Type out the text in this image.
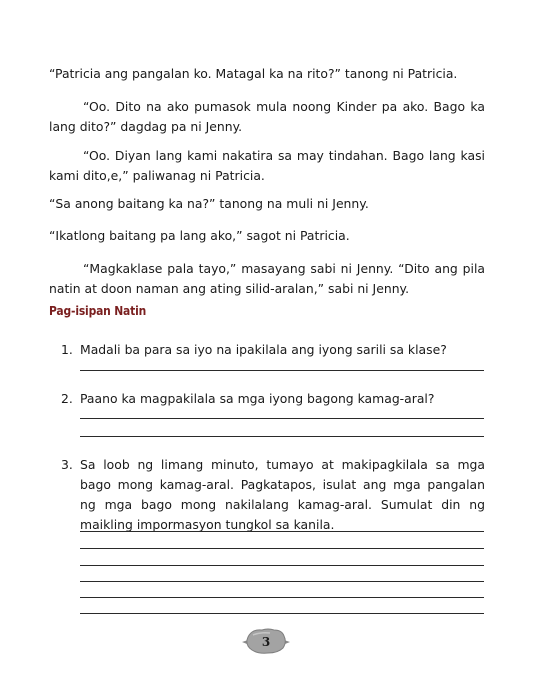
“Patricia ang pangalan ko. Matagal ka na rito?” tanong ni Patricia.

“Oo. Dito na ako pumasok mula noong Kinder pa ako. Bago ka lang dito?” dagdag pa ni Jenny.

“Oo. Diyan lang kami nakatira sa may tindahan. Bago lang kasi kami dito,e,” paliwanag ni Patricia.

“Sa anong baitang ka na?” tanong na muli ni Jenny.

“Ikatlong baitang pa lang ako,” sagot ni Patricia.

“Magkaklase pala tayo,” masayang sabi ni Jenny. “Dito ang pila natin at doon naman ang ating silid-aralan,” sabi ni Jenny.

Pag-isipan Natin
1. Madali ba para sa iyo na ipakilala ang iyong sarili sa klase?

2. Paano ka magpakilala sa mga iyong bagong kamag-aral?

3. Sa loob ng limang minuto, tumayo at makipagkilala sa mga bago mong kamag-aral. Pagkatapos, isulat ang mga pangalan ng mga bago mong nakilalang kamag-aral. Sumulat din ng maikling impormasyon tungkol sa kanila.

3
